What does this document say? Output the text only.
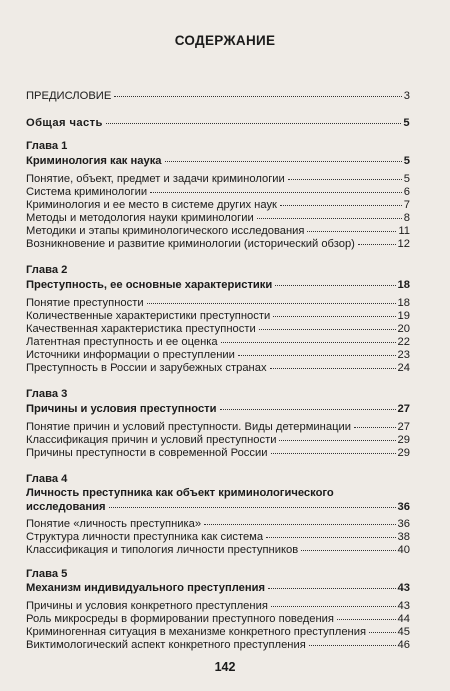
СОДЕРЖАНИЕ
ПРЕДИСЛОВИЕ	3
Общая часть	5
Глава 1
Криминология как наука	5
Понятие, объект, предмет и задачи криминологии	5
Система криминологии	6
Криминология и ее место в системе других наук	7
Методы и методология науки криминологии	8
Методики и этапы криминологического исследования	11
Возникновение и развитие криминологии (исторический обзор)	12
Глава 2
Преступность, ее основные характеристики	18
Понятие преступности	18
Количественные характеристики преступности	19
Качественная характеристика преступности	20
Латентная преступность и ее оценка	22
Источники информации о преступлении	23
Преступность в России и зарубежных странах	24
Глава 3
Причины и условия преступности	27
Понятие причин и условий преступности. Виды детерминации	27
Классификация причин и условий преступности	29
Причины преступности в современной России	29
Глава 4
Личность преступника как объект криминологического
исследования	36
Понятие «личность преступника»	36
Структура личности преступника как система	38
Классификация и типология личности преступников	40
Глава 5
Механизм индивидуального преступления	43
Причины и условия конкретного преступления	43
Роль микросреды в формировании преступного поведения	44
Криминогенная ситуация в механизме конкретного преступления	45
Виктимологический аспект конкретного преступления	46
142
